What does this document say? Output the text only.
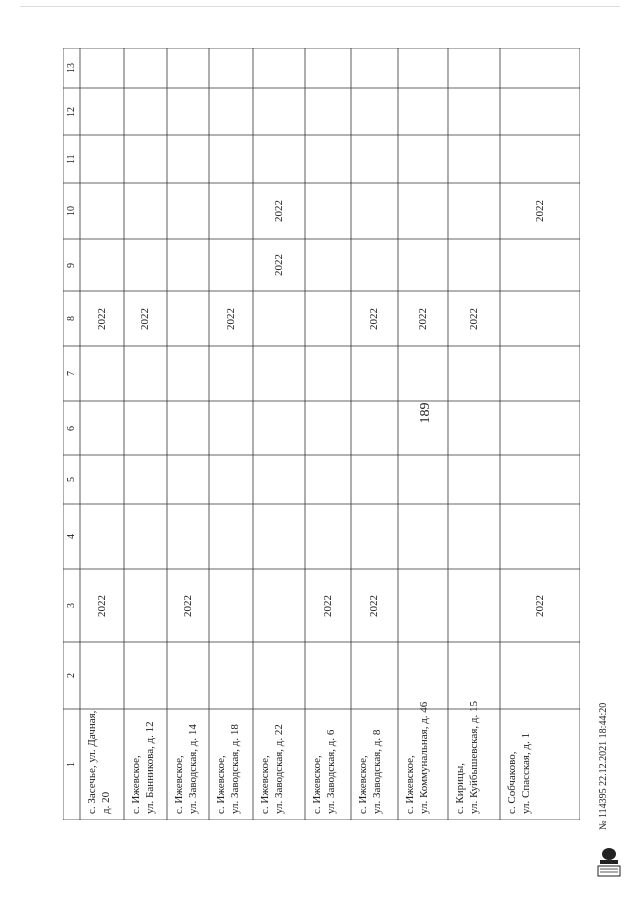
189
1
2
3
4
5
6
7
8
9
10
11
12
13
с. Засечье, ул. Дачная, д. 20
2022
2022
с. Ижевское, ул. Банникова, д. 12
2022
с. Ижевское, ул. Заводская, д. 14
2022
с. Ижевское, ул. Заводская, д. 18
2022
с. Ижевское, ул. Заводская, д. 22
2022
2022
с. Ижевское, ул. Заводская, д. 6
2022
с. Ижевское, ул. Заводская, д. 8
2022
2022
с. Ижевское, ул. Коммунальная, д. 46
2022
с. Кирицы, ул. Куйбышевская, д. 15
2022
с. Собчаково, ул. Спасская, д. 1
2022
2022
№ 114395 22.12.2021 18:44:20
